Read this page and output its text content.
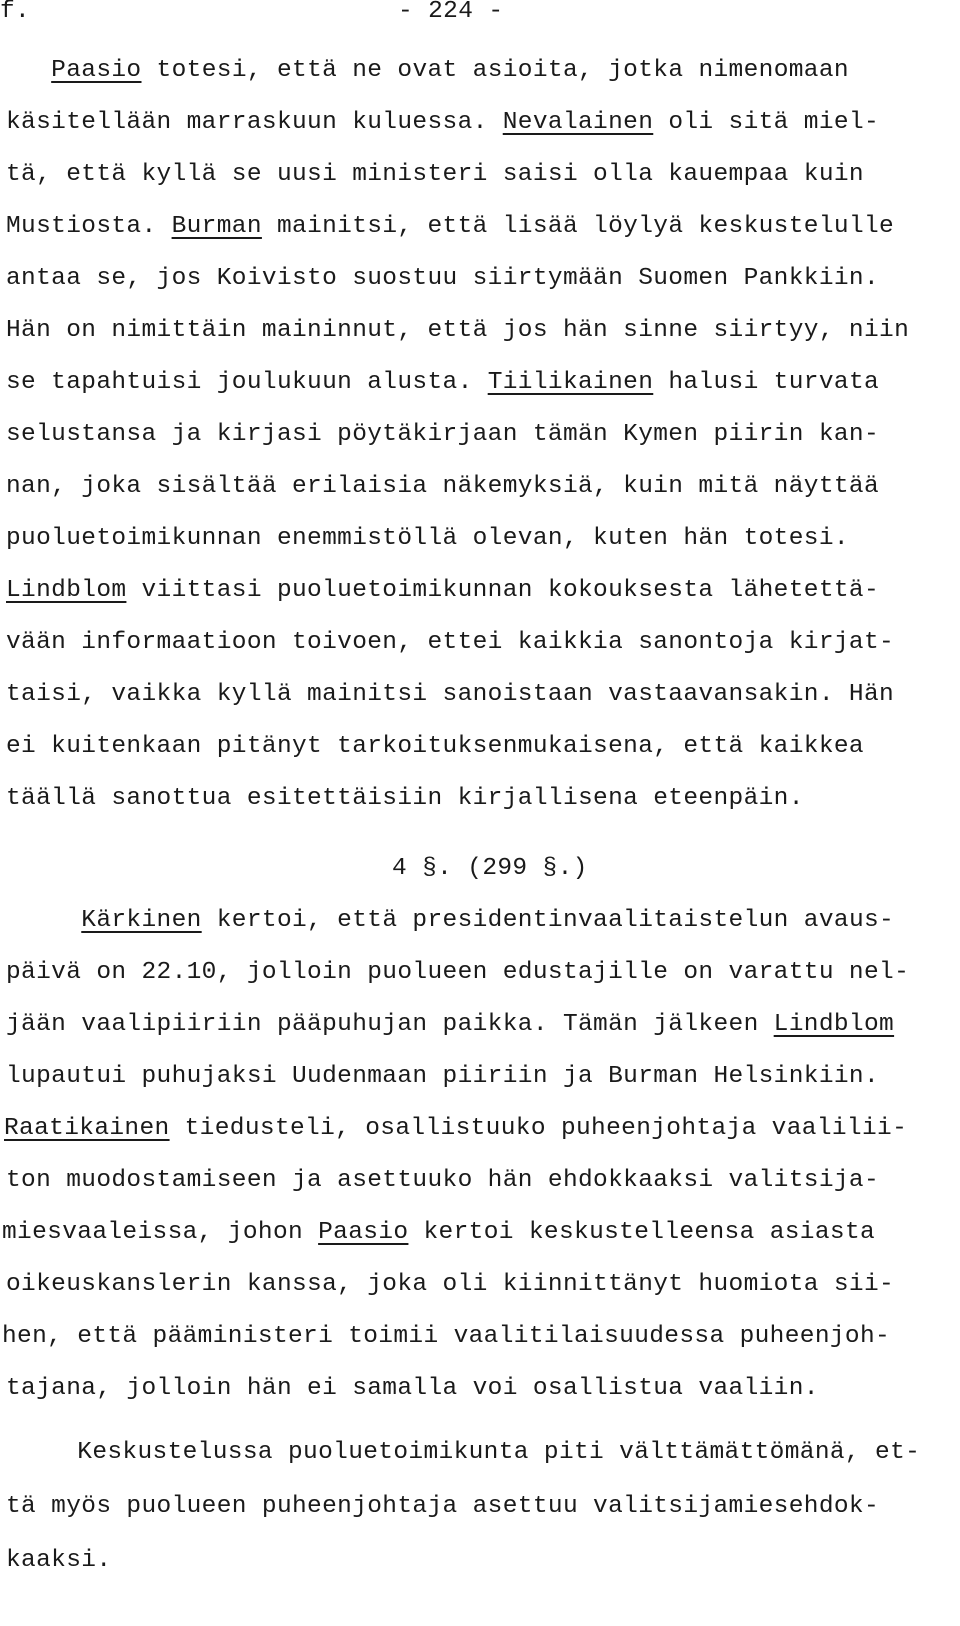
f.	- 224 -
Paasio totesi, että ne ovat asioita, jotka nimenomaan
käsitellään marraskuun kuluessa. Nevalainen oli sitä miel-
tä, että kyllä se uusi ministeri saisi olla kauempaa kuin
Mustiosta. Burman mainitsi, että lisää löylyä keskustelulle
antaa se, jos Koivisto suostuu siirtymään Suomen Pankkiin.
Hän on nimittäin maininnut, että jos hän sinne siirtyy, niin
se tapahtuisi joulukuun alusta. Tiilikainen halusi turvata
selustansa ja kirjasi pöytäkirjaan tämän Kymen piirin kan-
nan, joka sisältää erilaisia näkemyksiä, kuin mitä näyttää
puoluetoimikunnan enemmistöllä olevan, kuten hän totesi.
Lindblom viittasi puoluetoimikunnan kokouksesta lähetettä-
vään informaatioon toivoen, ettei kaikkia sanontoja kirjat-
taisi, vaikka kyllä mainitsi sanoistaan vastaavansakin. Hän
ei kuitenkaan pitänyt tarkoituksenmukaisena, että kaikkea
täällä sanottua esitettäisiin kirjallisena eteenpäin.
Kärkinen kertoi, että presidentinvaalitaistelun avaus-
päivä on 22.10, jolloin puolueen edustajille on varattu nel-
jään vaalipiiriin pääpuhujan paikka. Tämän jälkeen Lindblom
lupautui puhujaksi Uudenmaan piiriin ja Burman Helsinkiin.
Raatikainen tiedusteli, osallistuuko puheenjohtaja vaalilii-
ton muodostamiseen ja asettuuko hän ehdokkaaksi valitsija-
miesvaaleissa, johon Paasio kertoi keskustelleensa asiasta
oikeuskanslerin kanssa, joka oli kiinnittänyt huomiota sii-
hen, että pääministeri toimii vaalitilaisuudessa puheenjoh-
tajana, jolloin hän ei samalla voi osallistua vaaliin.
Keskustelussa puoluetoimikunta piti välttämättömänä, et-
tä myös puolueen puheenjohtaja asettuu valitsijamiesehdok-
kaaksi.
4 §. (299 §.)
